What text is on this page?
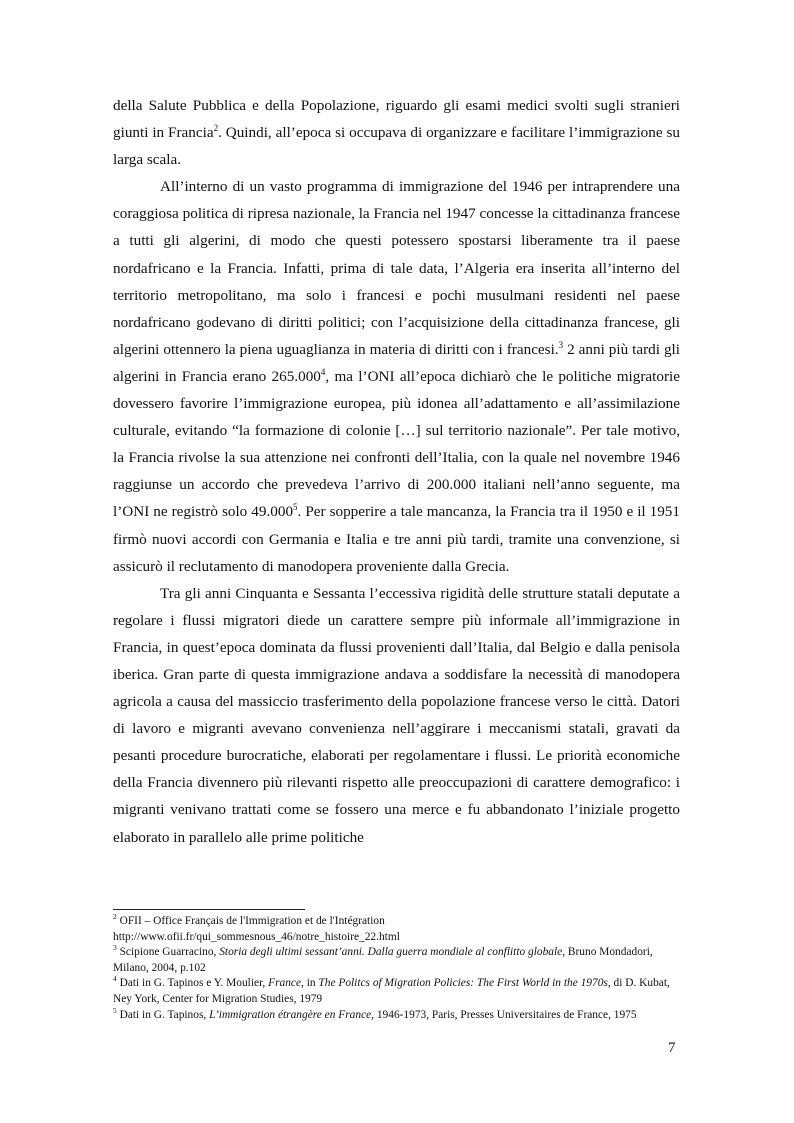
della Salute Pubblica e della Popolazione, riguardo gli esami medici svolti sugli stranieri giunti in Francia$^2$. Quindi, all’epoca si occupava di organizzare e facilitare l’immigrazione su larga scala.

All’interno di un vasto programma di immigrazione del 1946 per intraprendere una coraggiosa politica di ripresa nazionale, la Francia nel 1947 concesse la cittadinanza francese a tutti gli algerini, di modo che questi potessero spostarsi liberamente tra il paese nordafricano e la Francia. Infatti, prima di tale data, l’Algeria era inserita all’interno del territorio metropolitano, ma solo i francesi e pochi musulmani residenti nel paese nordafricano godevano di diritti politici; con l’acquisizione della cittadinanza francese, gli algerini ottennero la piena uguaglianza in materia di diritti con i francesi.$^3$ 2 anni più tardi gli algerini in Francia erano 265.000$^4$, ma l’ONI all’epoca dichiarò che le politiche migratorie dovessero favorire l’immigrazione europea, più idonea all’adattamento e all’assimilazione culturale, evitando “la formazione di colonie […] sul territorio nazionale”. Per tale motivo, la Francia rivolse la sua attenzione nei confronti dell’Italia, con la quale nel novembre 1946 raggiunse un accordo che prevedeva l’arrivo di 200.000 italiani nell’anno seguente, ma l’ONI ne registrò solo 49.000$^5$. Per sopperire a tale mancanza, la Francia tra il 1950 e il 1951 firmò nuovi accordi con Germania e Italia e tre anni più tardi, tramite una convenzione, si assicurò il reclutamento di manodopera proveniente dalla Grecia.

Tra gli anni Cinquanta e Sessanta l’eccessiva rigidità delle strutture statali deputate a regolare i flussi migratori diede un carattere sempre più informale all’immigrazione in Francia, in quest’epoca dominata da flussi provenienti dall’Italia, dal Belgio e dalla penisola iberica. Gran parte di questa immigrazione andava a soddisfare la necessità di manodopera agricola a causa del massiccio trasferimento della popolazione francese verso le città. Datori di lavoro e migranti avevano convenienza nell’aggirare i meccanismi statali, gravati da pesanti procedure burocratiche, elaborati per regolamentare i flussi. Le priorità economiche della Francia divennero più rilevanti rispetto alle preoccupazioni di carattere demografico: i migranti venivano trattati come se fossero una merce e fu abbandonato l’iniziale progetto elaborato in parallelo alle prime politiche

$^2$ OFII – Office Français de l'Immigration et de l'Intégration
http://www.ofii.fr/qui_sommesnous_46/notre_histoire_22.html

$^3$ Scipione Guarracino, Storia degli ultimi sessant’anni. Dalla guerra mondiale al conflitto globale, Bruno Mondadori, Milano, 2004, p.102

$^4$ Dati in G. Tapinos e Y. Moulier, France, in The Politcs of Migration Policies: The First World in the 1970s, di D. Kubat, Ney York, Center for Migration Studies, 1979

$^5$ Dati in G. Tapinos, L’immigration étrangère en France, 1946-1973, Paris, Presses Universitaires de France, 1975

7
